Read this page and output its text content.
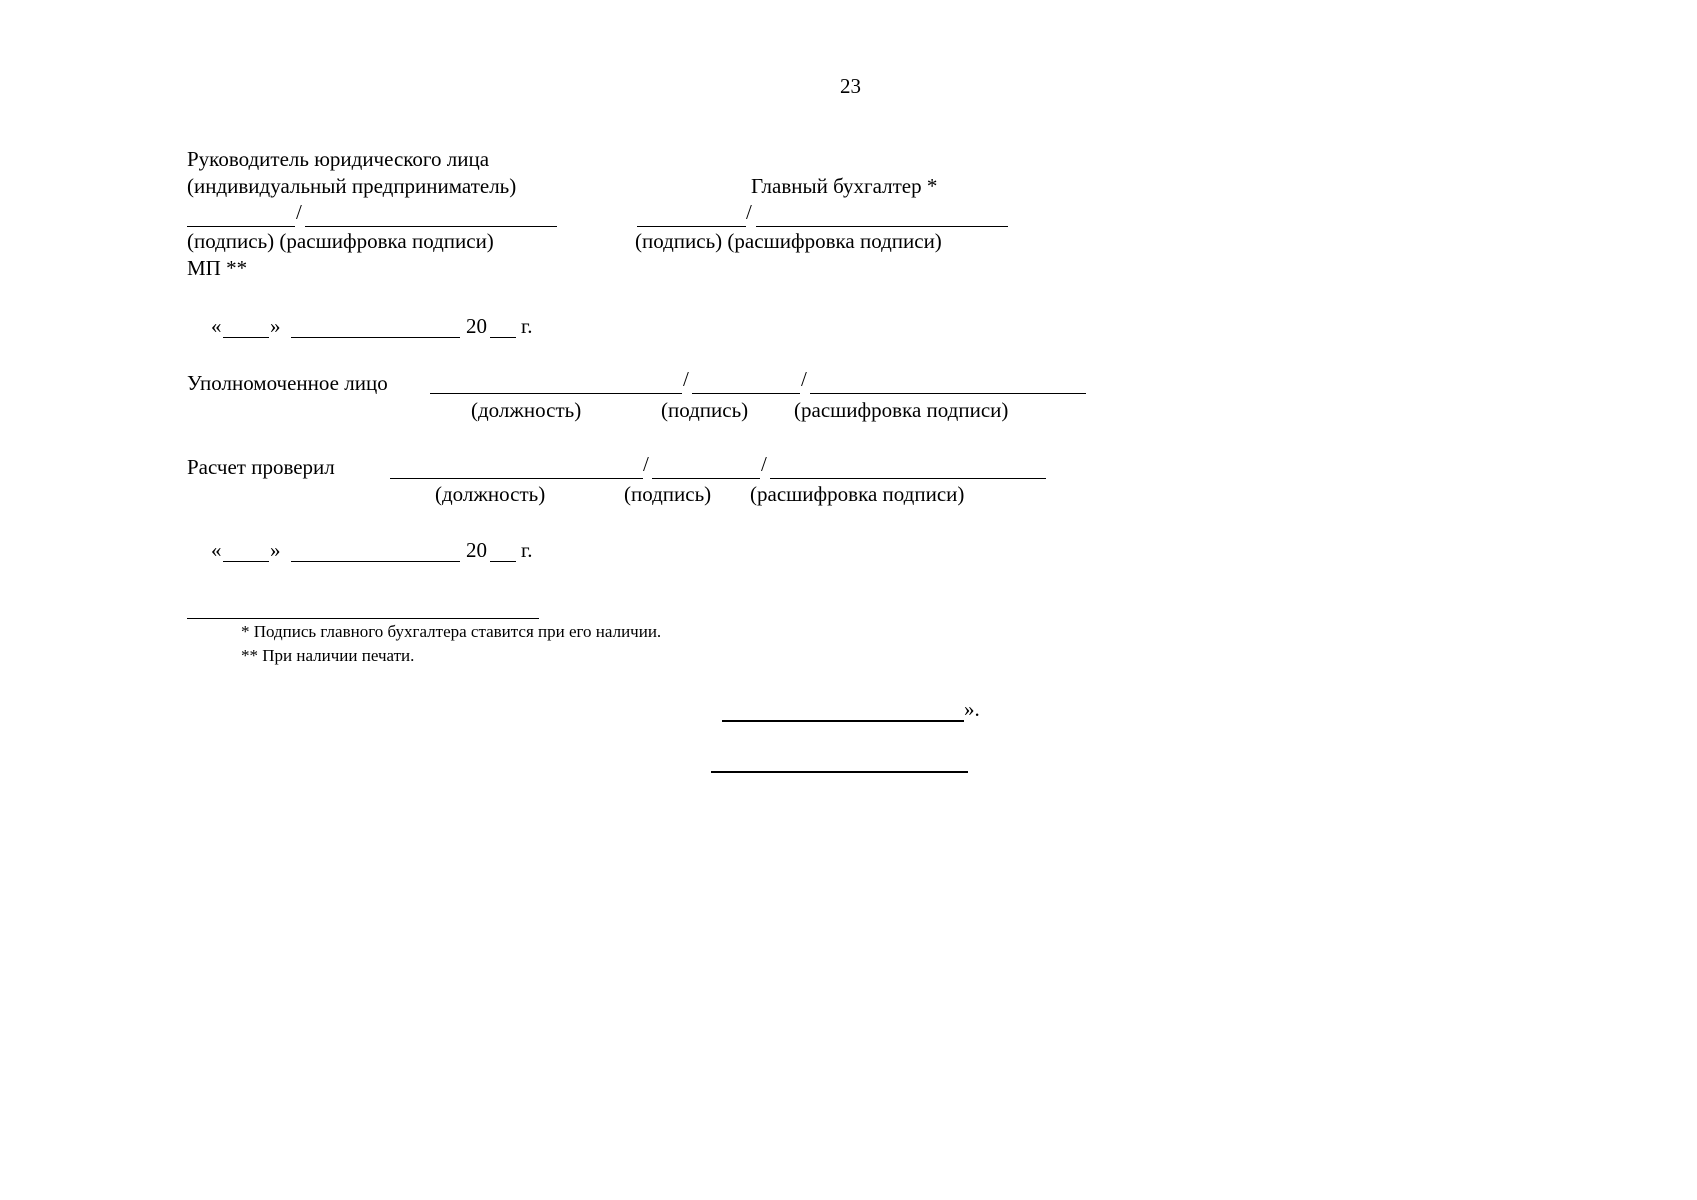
23
Руководитель юридического лица
(индивидуальный предприниматель)
/
(подпись) (расшифровка подписи)
МП **
Главный бухгалтер *
/
(подпись) (расшифровка подписи)
« »	20 г.
Уполномоченное лицо	/	/
(должность)	(подпись) (расшифровка подписи)
Расчет проверил	/	/
(должность)	(подпись) (расшифровка подписи)
« »	20 г.
* Подпись главного бухгалтера ставится при его наличии.
** При наличии печати.
».
